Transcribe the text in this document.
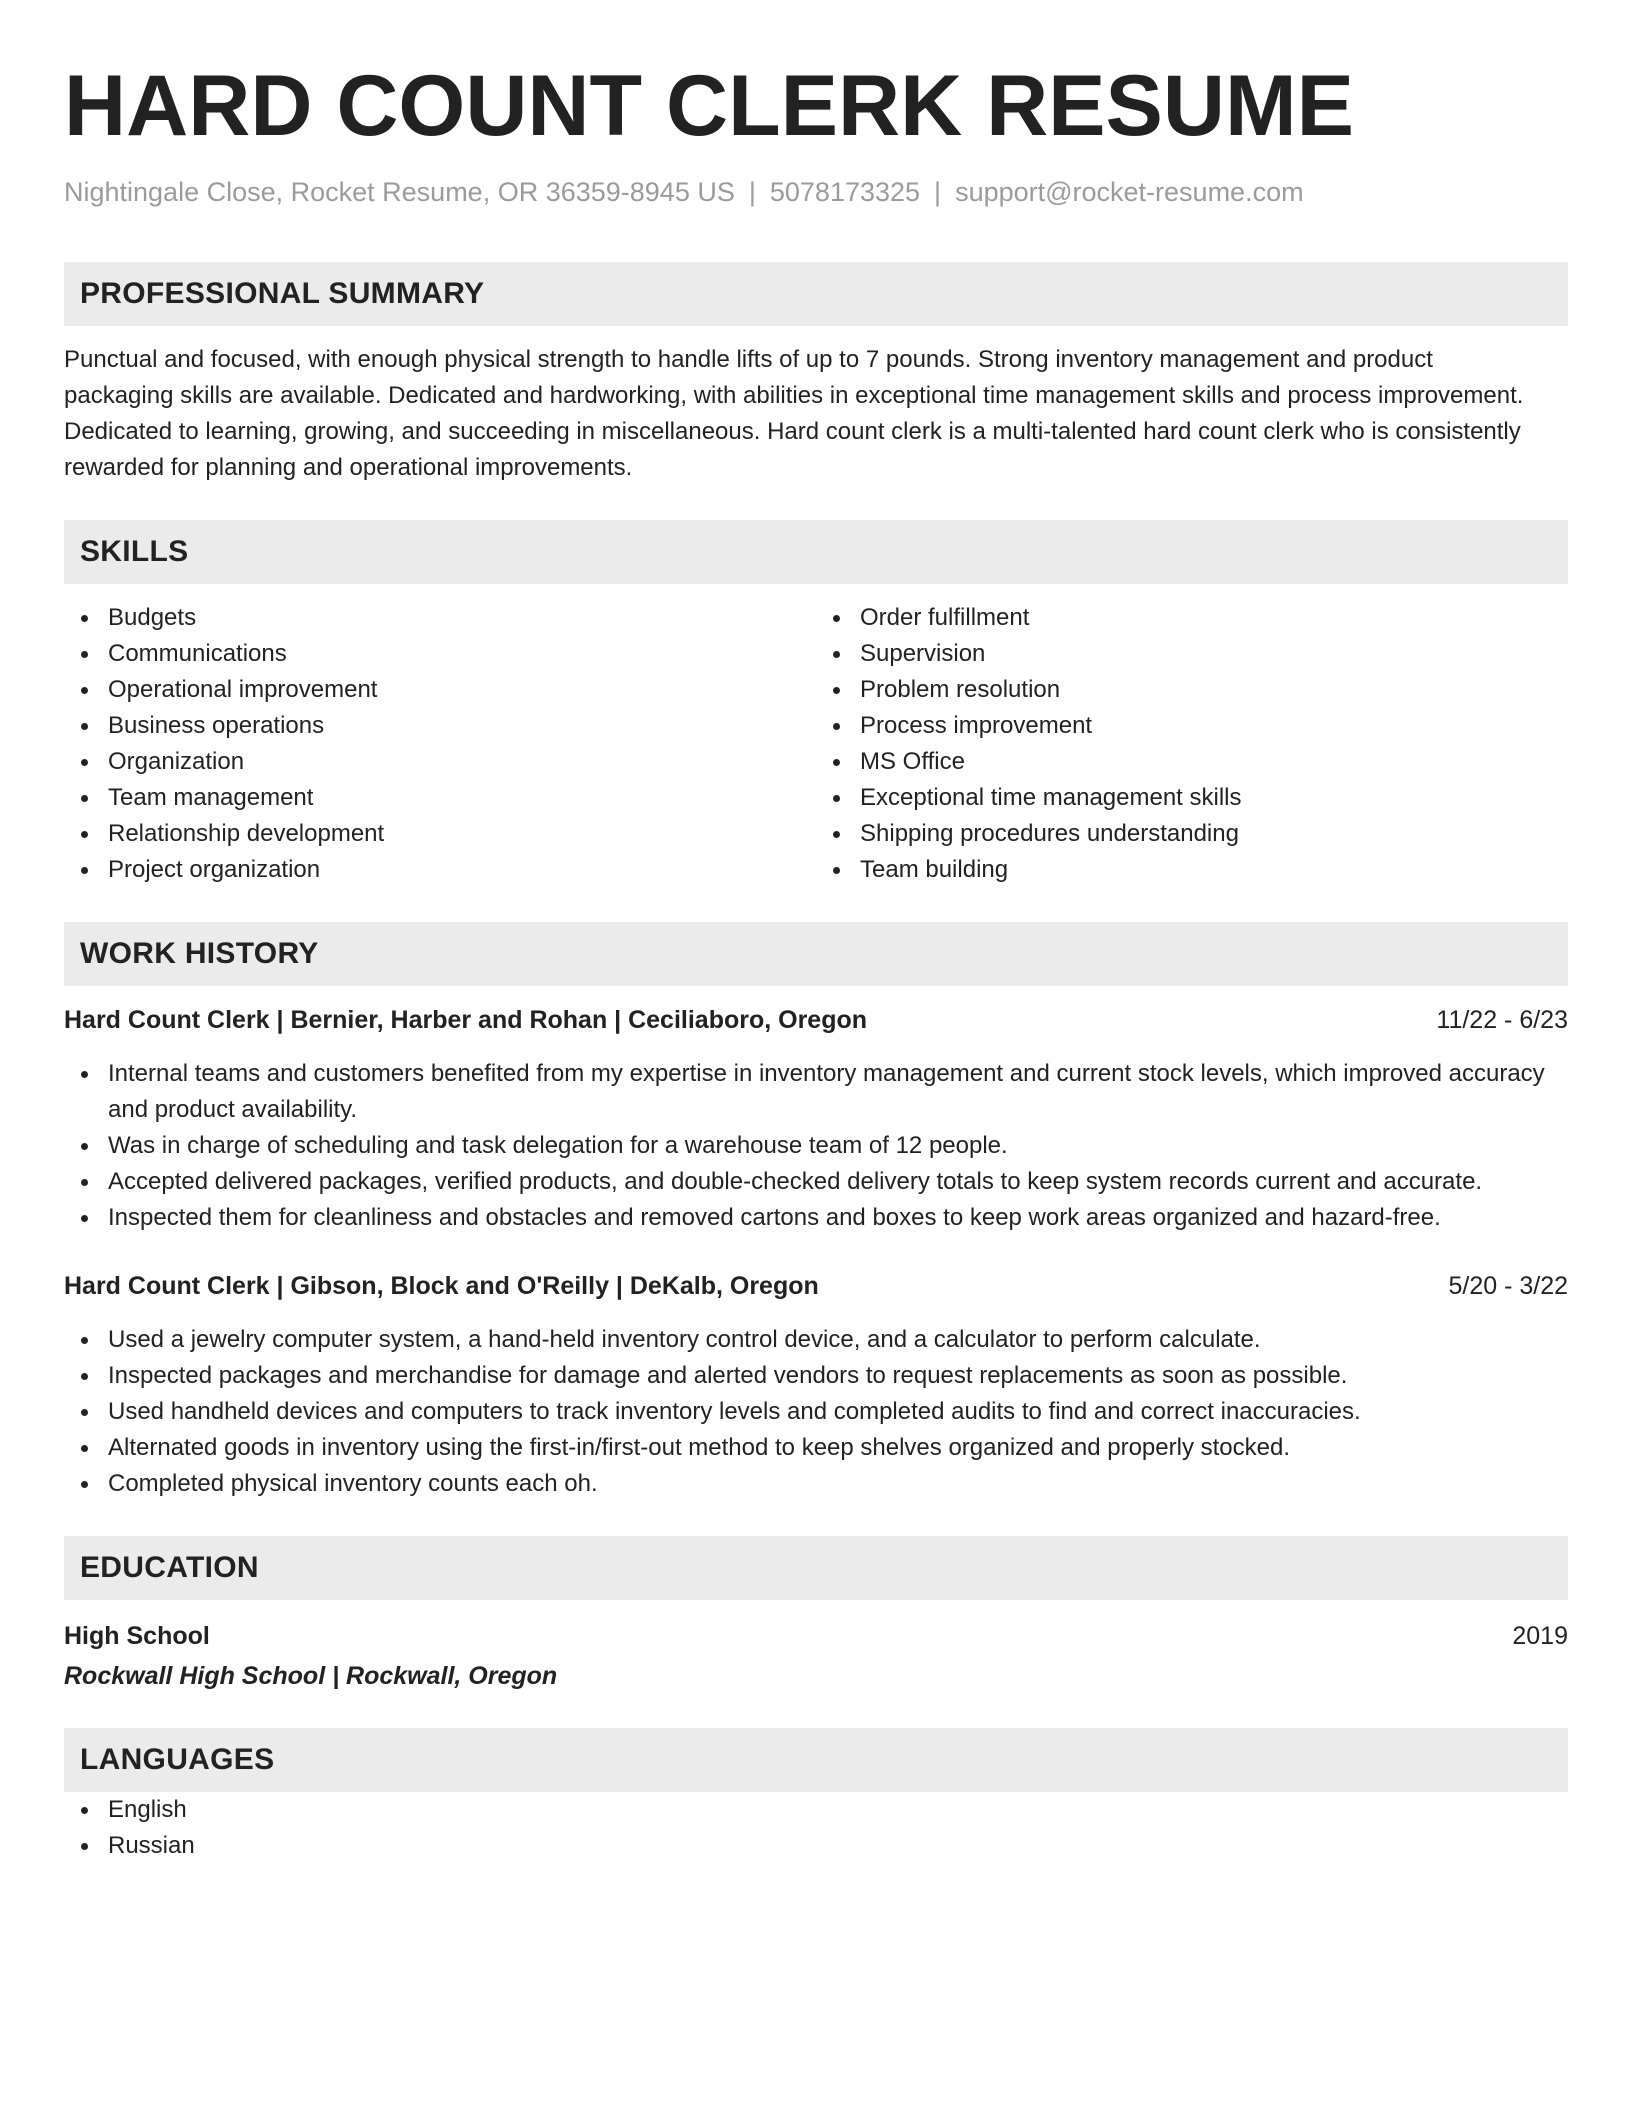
HARD COUNT CLERK RESUME
Nightingale Close, Rocket Resume, OR 36359-8945 US | 5078173325 | support@rocket-resume.com
PROFESSIONAL SUMMARY
Punctual and focused, with enough physical strength to handle lifts of up to 7 pounds. Strong inventory management and product packaging skills are available. Dedicated and hardworking, with abilities in exceptional time management skills and process improvement. Dedicated to learning, growing, and succeeding in miscellaneous. Hard count clerk is a multi-talented hard count clerk who is consistently rewarded for planning and operational improvements.
SKILLS
Budgets
Communications
Operational improvement
Business operations
Organization
Team management
Relationship development
Project organization
Order fulfillment
Supervision
Problem resolution
Process improvement
MS Office
Exceptional time management skills
Shipping procedures understanding
Team building
WORK HISTORY
Hard Count Clerk | Bernier, Harber and Rohan | Ceciliaboro, Oregon	11/22 - 6/23
Internal teams and customers benefited from my expertise in inventory management and current stock levels, which improved accuracy and product availability.
Was in charge of scheduling and task delegation for a warehouse team of 12 people.
Accepted delivered packages, verified products, and double-checked delivery totals to keep system records current and accurate.
Inspected them for cleanliness and obstacles and removed cartons and boxes to keep work areas organized and hazard-free.
Hard Count Clerk | Gibson, Block and O'Reilly | DeKalb, Oregon	5/20 - 3/22
Used a jewelry computer system, a hand-held inventory control device, and a calculator to perform calculate.
Inspected packages and merchandise for damage and alerted vendors to request replacements as soon as possible.
Used handheld devices and computers to track inventory levels and completed audits to find and correct inaccuracies.
Alternated goods in inventory using the first-in/first-out method to keep shelves organized and properly stocked.
Completed physical inventory counts each oh.
EDUCATION
High School	2019
Rockwall High School | Rockwall, Oregon
LANGUAGES
English
Russian
